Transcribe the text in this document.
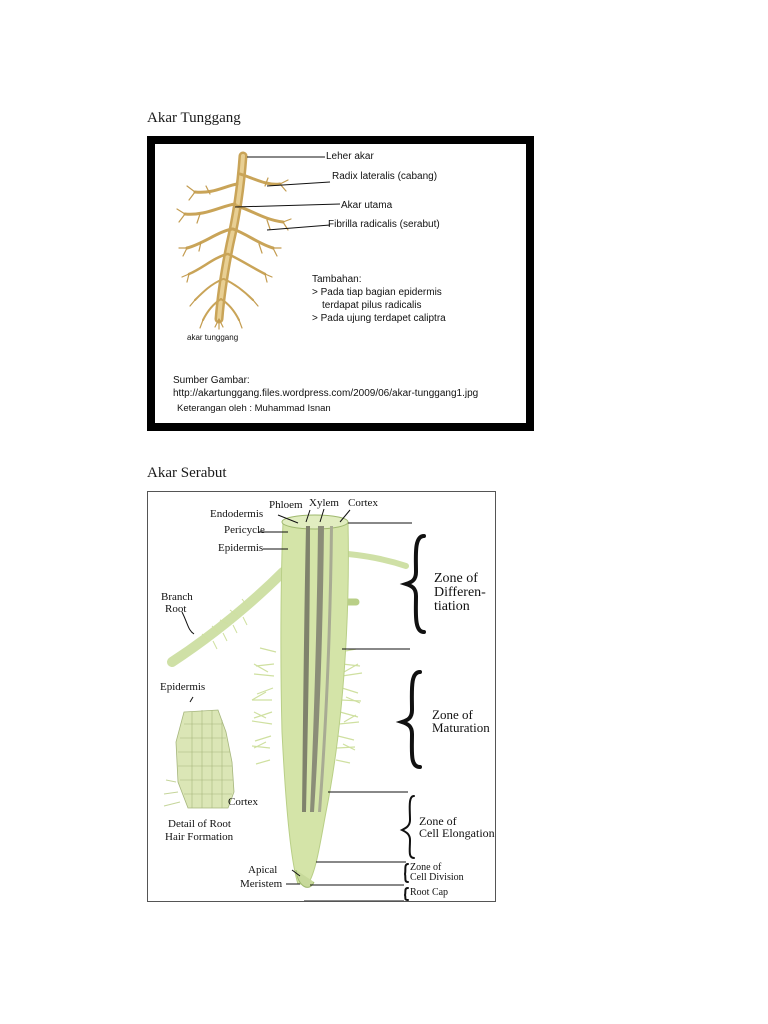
Akar Tunggang
Leher akar
Radix lateralis (cabang)
Akar utama
Fibrilla radicalis (serabut)
Tambahan:
> Pada tiap bagian epidermis
terdapat pilus radicalis
> Pada ujung terdapet caliptra
akar tunggang
Sumber Gambar:
http://akartunggang.files.wordpress.com/2009/06/akar-tunggang1.jpg
Keterangan oleh : Muhammad Isnan
Akar Serabut
Endodermis
Phloem Xylem Cortex
Pericycle
Epidermis
Branch
Root
Epidermis
Cortex
Detail of Root
Hair Formation
Apical
Meristem
Zone of
Differen-
tiation
Zone of
Maturation
Zone of
Cell Elongation
Zone of
Cell Division
Root Cap
